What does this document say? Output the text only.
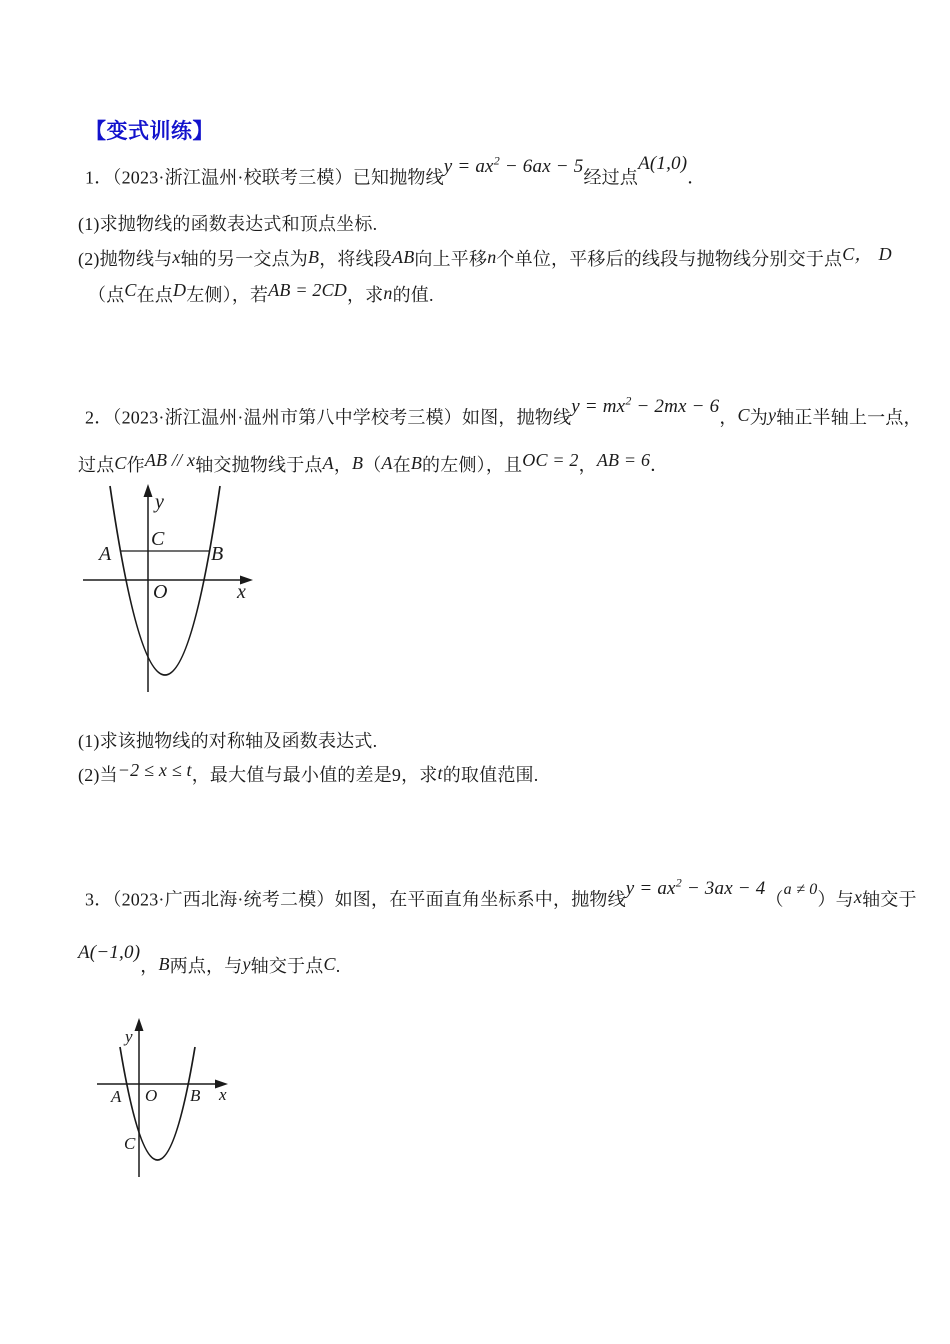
【变式训练】
1．（2023·浙江温州·校联考三模）已知抛物线$y = ax^2 - 6ax - 5$经过点A(1,0)．
(1)求抛物线的函数表达式和顶点坐标.
(2)抛物线与x轴的另一交点为B，将线段AB向上平移n个单位，平移后的线段与抛物线分别交于点C， D
（点C在点D左侧），若AB = 2CD，求n的值.
2．（2023·浙江温州·温州市第八中学校考三模）如图，抛物线$y = mx^2 - 2mx - 6$，C为y轴正半轴上一点，
过点C作AB // x轴交抛物线于点A，B（A在B的左侧），且OC = 2，AB = 6．
A
C
B
O	x
y
(1)求该抛物线的对称轴及函数表达式.
(2)当−2 ≤ x ≤ t，最大值与最小值的差是9，求t的取值范围.
3．（2023·广西北海·统考二模）如图，在平面直角坐标系中，抛物线$y = ax^2 - 3ax - 4(a \ne 0)$与x轴交于
A(−1,0)，B两点，与y轴交于点C.
A O B x
C
y
